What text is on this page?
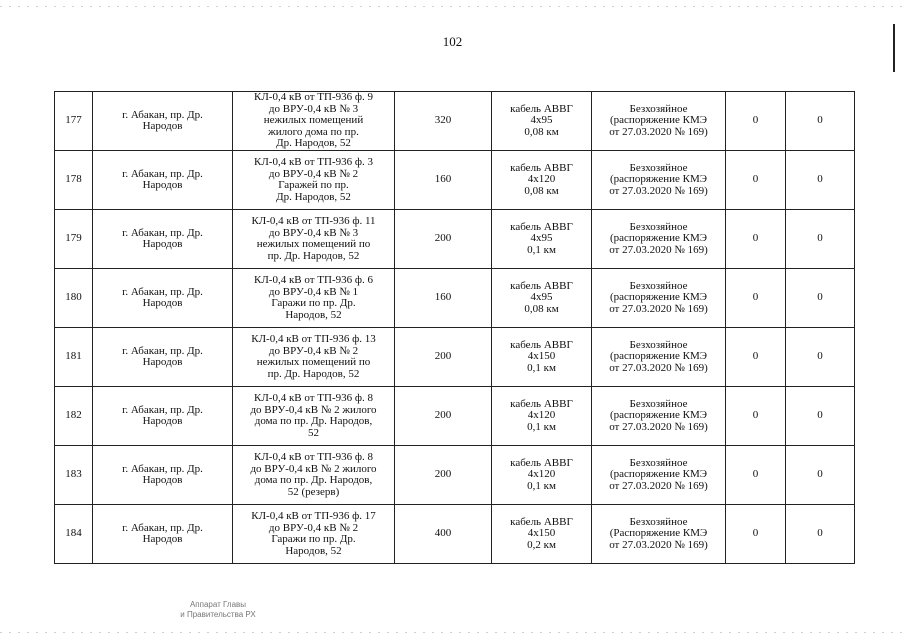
102
177	г. Абакан, пр. Др.
Народов	КЛ-0,4 кВ от ТП-936 ф. 9
до ВРУ-0,4 кВ № 3
нежилых помещений
жилого дома по пр.
Др. Народов, 52	320	кабель АВВГ
4х95
0,08 км	Безхозяйное
(распоряжение КМЭ
от 27.03.2020 № 169)	0	0
178	г. Абакан, пр. Др.
Народов	КЛ-0,4 кВ от ТП-936 ф. 3
до ВРУ-0,4 кВ № 2
Гаражей по пр.
Др. Народов, 52	160	кабель АВВГ
4х120
0,08 км	Безхозяйное
(распоряжение КМЭ
от 27.03.2020 № 169)	0	0
179	г. Абакан, пр. Др.
Народов	КЛ-0,4 кВ от ТП-936 ф. 11
до ВРУ-0,4 кВ № 3
нежилых помещений по
пр. Др. Народов, 52	200	кабель АВВГ
4х95
0,1 км	Безхозяйное
(распоряжение КМЭ
от 27.03.2020 № 169)	0	0
180	г. Абакан, пр. Др.
Народов	КЛ-0,4 кВ от ТП-936 ф. 6
до ВРУ-0,4 кВ № 1
Гаражи по пр. Др.
Народов, 52	160	кабель АВВГ
4х95
0,08 км	Безхозяйное
(распоряжение КМЭ
от 27.03.2020 № 169)	0	0
181	г. Абакан, пр. Др.
Народов	КЛ-0,4 кВ от ТП-936 ф. 13
до ВРУ-0,4 кВ № 2
нежилых помещений по
пр. Др. Народов, 52	200	кабель АВВГ
4х150
0,1 км	Безхозяйное
(распоряжение КМЭ
от 27.03.2020 № 169)	0	0
182	г. Абакан, пр. Др.
Народов	КЛ-0,4 кВ от ТП-936 ф. 8
до ВРУ-0,4 кВ № 2 жилого
дома по пр. Др. Народов,
52	200	кабель АВВГ
4х120
0,1 км	Безхозяйное
(распоряжение КМЭ
от 27.03.2020 № 169)	0	0
183	г. Абакан, пр. Др.
Народов	КЛ-0,4 кВ от ТП-936 ф. 8
до ВРУ-0,4 кВ № 2 жилого
дома по пр. Др. Народов,
52 (резерв)	200	кабель АВВГ
4х120
0,1 км	Безхозяйное
(распоряжение КМЭ
от 27.03.2020 № 169)	0	0
184	г. Абакан, пр. Др.
Народов	КЛ-0,4 кВ от ТП-936 ф. 17
до ВРУ-0,4 кВ № 2
Гаражи по пр. Др.
Народов, 52	400	кабель АВВГ
4х150
0,2 км	Безхозяйное
(Распоряжение КМЭ
от 27.03.2020 № 169)	0	0
Аппарат Главы
и Правительства РХ
